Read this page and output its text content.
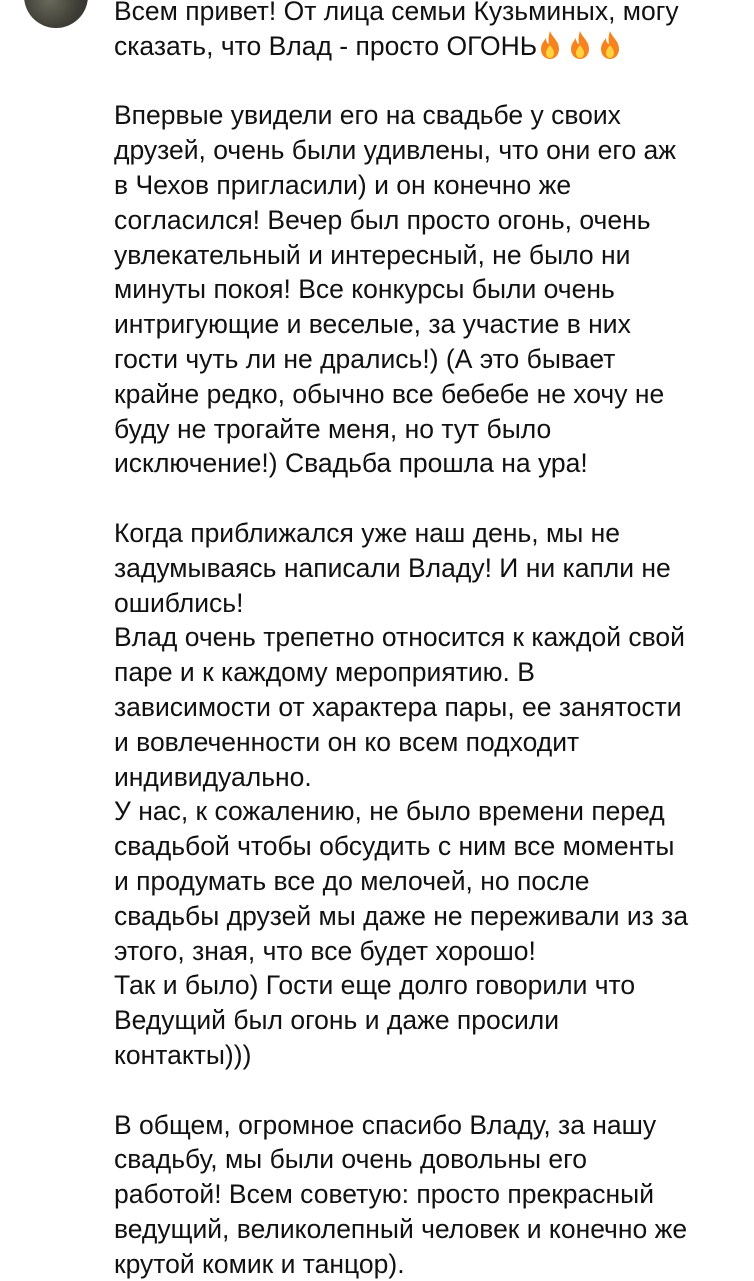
Всем привет! От лица семьи Кузьминых, могу
сказать, что Влад - просто ОГОНЬ

Впервые увидели его на свадьбе у своих
друзей, очень были удивлены, что они его аж
в Чехов пригласили) и он конечно же
согласился! Вечер был просто огонь, очень
увлекательный и интересный, не было ни
минуты покоя! Все конкурсы были очень
интригующие и веселые, за участие в них
гости чуть ли не дрались!) (А это бывает
крайне редко, обычно все бебебе не хочу не
буду не трогайте меня, но тут было
исключение!) Свадьба прошла на ура!

Когда приближался уже наш день, мы не
задумываясь написали Владу! И ни капли не
ошиблись!
Влад очень трепетно относится к каждой свой
паре и к каждому мероприятию. В
зависимости от характера пары, ее занятости
и вовлеченности он ко всем подходит
индивидуально.
У нас, к сожалению, не было времени перед
свадьбой чтобы обсудить с ним все моменты
и продумать все до мелочей, но после
свадьбы друзей мы даже не переживали из за
этого, зная, что все будет хорошо!
Так и было) Гости еще долго говорили что
Ведущий был огонь и даже просили
контакты)))

В общем, огромное спасибо Владу, за нашу
свадьбу, мы были очень довольны его
работой! Всем советую: просто прекрасный
ведущий, великолепный человек и конечно же
крутой комик и танцор).
